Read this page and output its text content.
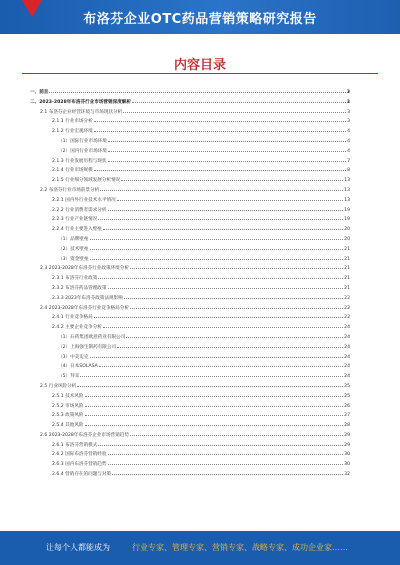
布洛芬企业OTC药品营销策略研究报告
内容目录
一、前言	3
二、2023-2028年布洛芬行业市场营销深度解析	3
2.1 布洛芬企业经营环境与市场现状分析	3
2.1.1 行业市场分析	3
2.1.2 行业宏观环境	4
（1）国际行业市场环境	4
（2）国内行业市场环境	4
2.1.3 行业发展历程与现状	7
2.1.4 行业市场规模	8
2.1.5 行业细分领域发展分析情况	13
2.2 布洛芬行业市场前景分析	13
2.2.1 国内外行业技术水平情况	13
2.2.2 行业消费者需求分析	19
2.2.3 行业产业链情况	19
2.2.4 行业主要进入壁垒	20
（1）品牌壁垒	20
（2）技术壁垒	21
（3）资金壁垒	21
2.3 2023-2028年布洛芬行业政策环境分析	21
2.3.1 布洛芬行业政策	21
2.3.2 布洛芬药品管理政策	21
2.3.3 2023年布洛芬政策法规影响	22
2.4 2023-2028年布洛芬行业竞争格局分析	22
2.4.1 行业竞争格局	22
2.4.2 主要企业竞争分析	24
（1）石药集团欧意药业有限公司	24
（2）上海强生制药有限公司	24
（3）中美史克	24
（4）日本SOLASA	24
（5）拜耳	24
2.5 行业风险分析	25
2.5.1 技术风险	25
2.5.2 市场风险	26
2.5.3 政策风险	27
2.5.4 其他风险	28
2.6 2023-2028年布洛芬企业市场营销趋势	29
2.6.1 布洛芬营销模式	29
2.6.2 国际布洛芬营销经验	30
2.6.3 国内布洛芬营销趋势	30
2.6.4 营销存在的问题与对策	32
让每个人都能成为	行业专家、管理专家、营销专家、战略专家、成功企业家……
